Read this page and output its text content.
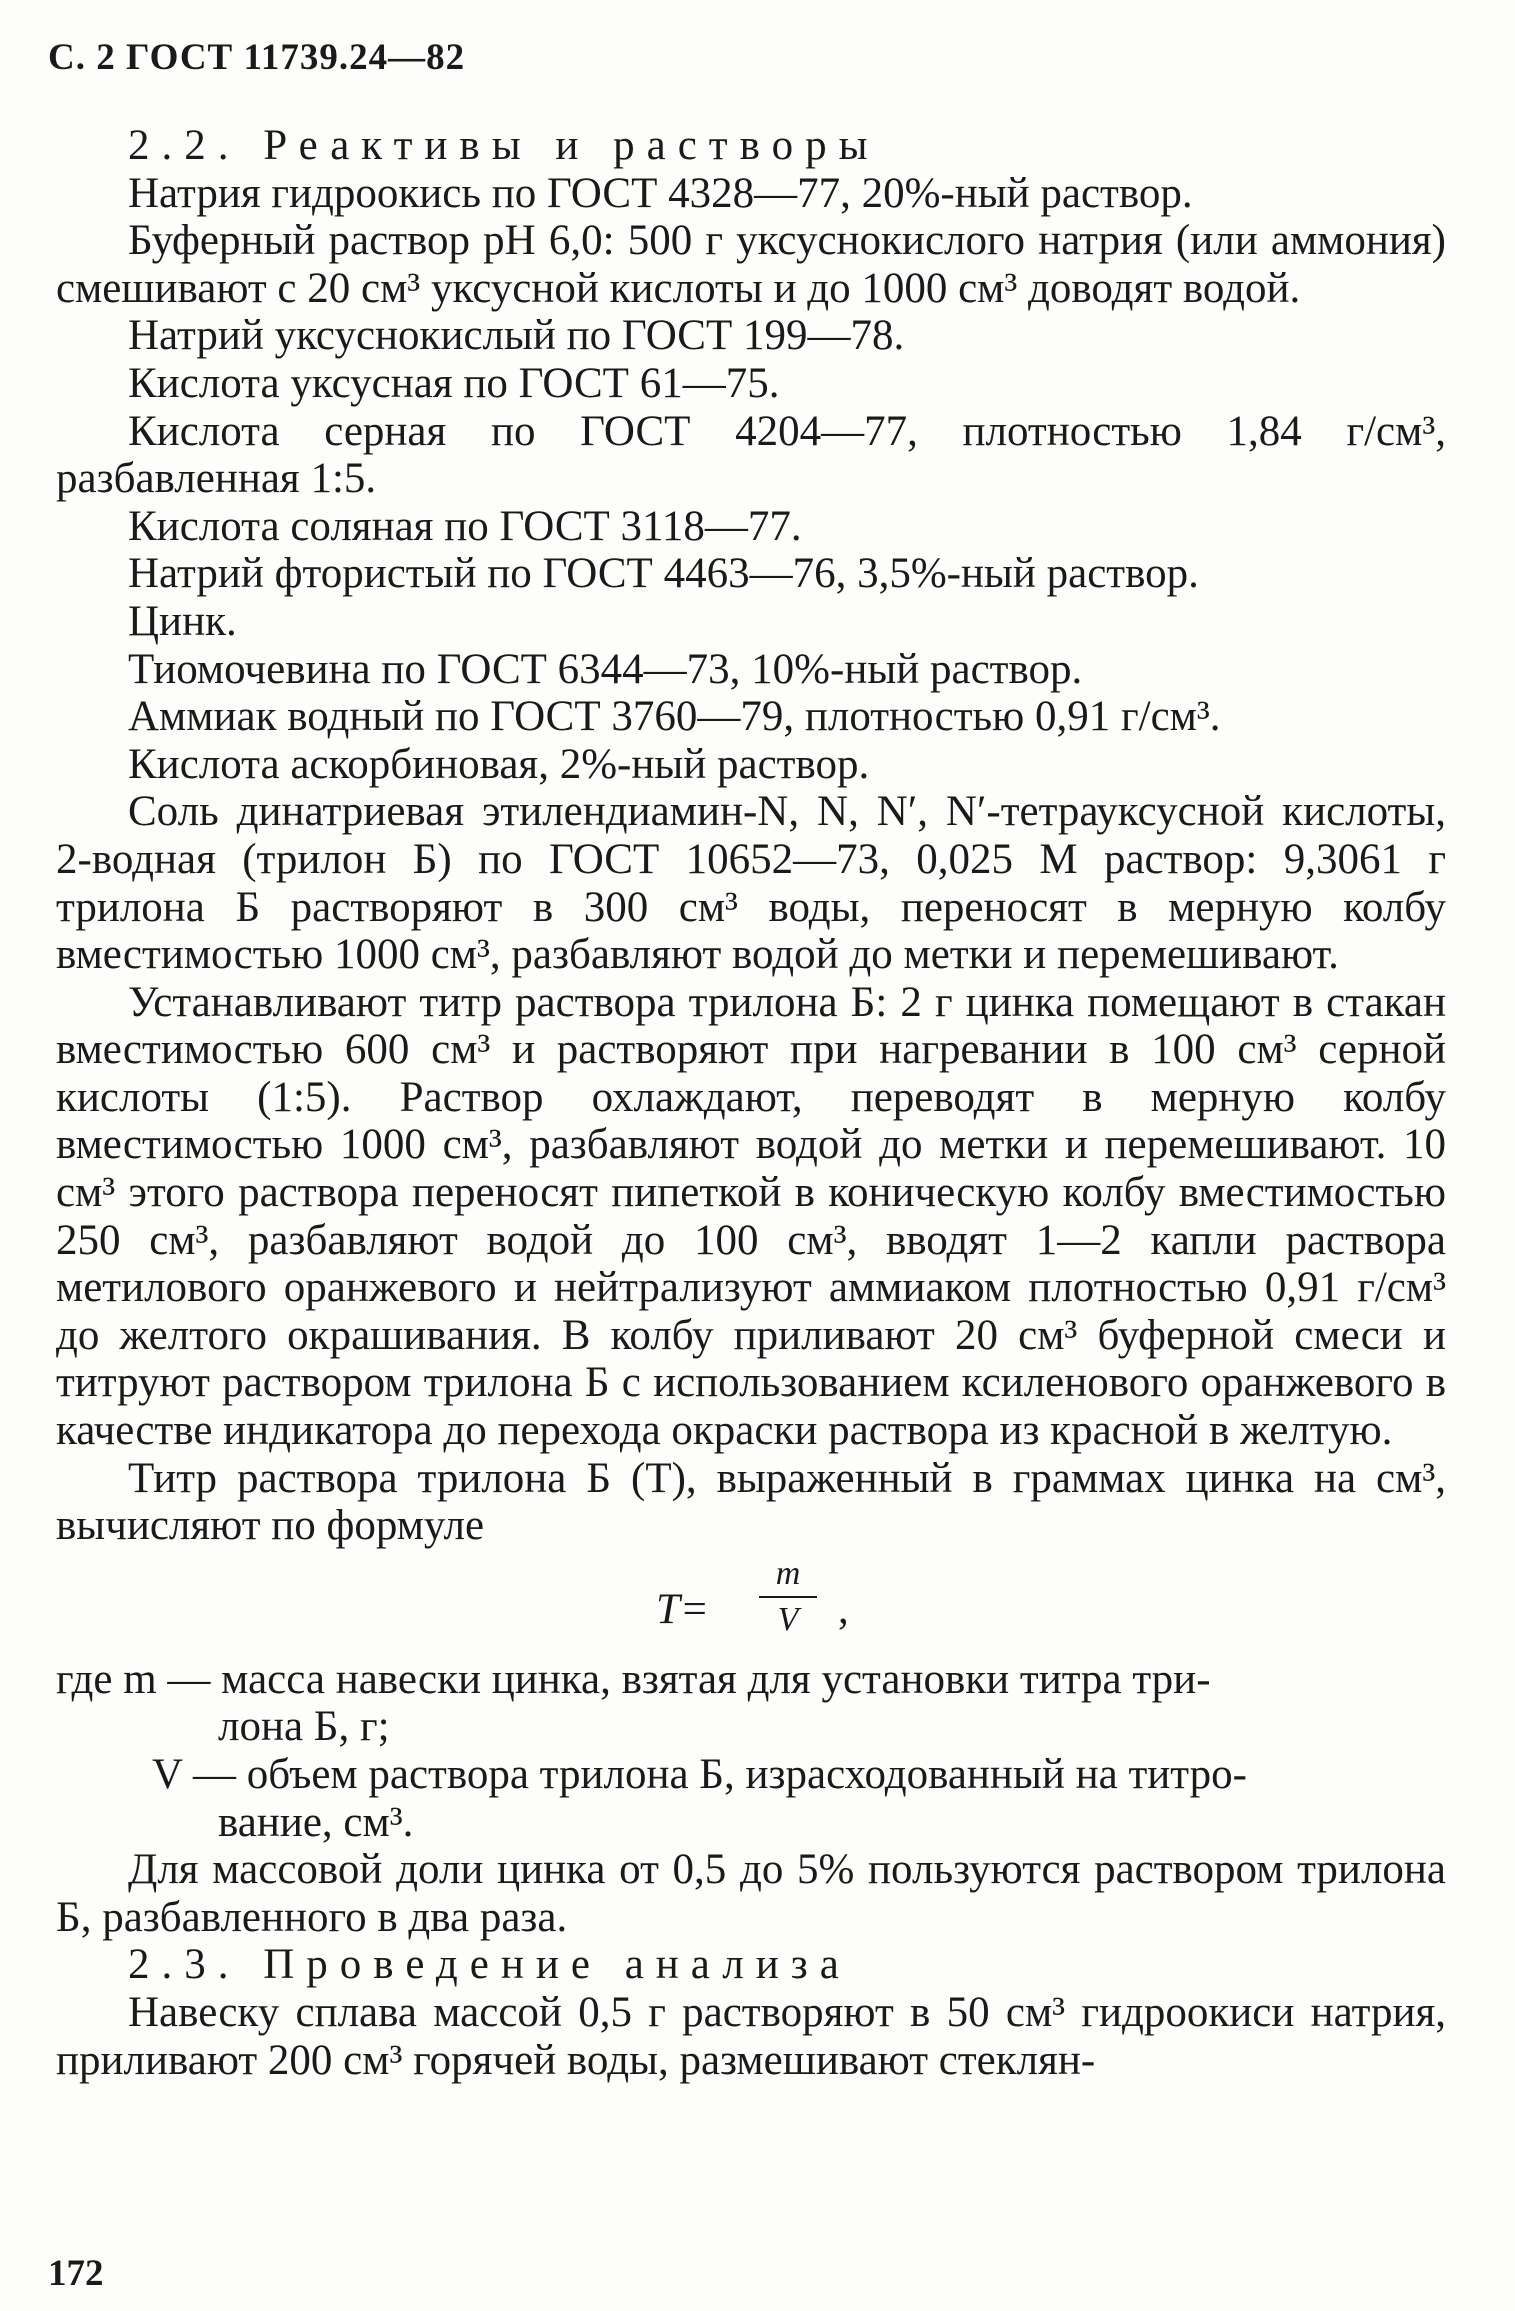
С. 2 ГОСТ 11739.24—82

2.2. Реактивы и растворы

Натрия гидроокись по ГОСТ 4328—77, 20%-ный раствор.

Буферный раствор рН 6,0: 500 г уксуснокислого натрия (или аммония) смешивают с 20 см³ уксусной кислоты и до 1000 см³ доводят водой.

Натрий уксуснокислый по ГОСТ 199—78.

Кислота уксусная по ГОСТ 61—75.

Кислота серная по ГОСТ 4204—77, плотностью 1,84 г/см³, разбавленная 1:5.

Кислота соляная по ГОСТ 3118—77.

Натрий фтористый по ГОСТ 4463—76, 3,5%-ный раствор.

Цинк.

Тиомочевина по ГОСТ 6344—73, 10%-ный раствор.

Аммиак водный по ГОСТ 3760—79, плотностью 0,91 г/см³.

Кислота аскорбиновая, 2%-ный раствор.

Соль динатриевая этилендиамин-N, N, N′, N′-тетрауксусной кислоты, 2-водная (трилон Б) по ГОСТ 10652—73, 0,025 М раствор: 9,3061 г трилона Б растворяют в 300 см³ воды, переносят в мерную колбу вместимостью 1000 см³, разбавляют водой до метки и перемешивают.

Устанавливают титр раствора трилона Б: 2 г цинка помещают в стакан вместимостью 600 см³ и растворяют при нагревании в 100 см³ серной кислоты (1:5). Раствор охлаждают, переводят в мерную колбу вместимостью 1000 см³, разбавляют водой до метки и перемешивают. 10 см³ этого раствора переносят пипеткой в коническую колбу вместимостью 250 см³, разбавляют водой до 100 см³, вводят 1—2 капли раствора метилового оранжевого и нейтрализуют аммиаком плотностью 0,91 г/см³ до желтого окрашивания. В колбу приливают 20 см³ буферной смеси и титруют раствором трилона Б с использованием ксиленового оранжевого в качестве индикатора до перехода окраски раствора из красной в желтую.

Титр раствора трилона Б (T), выраженный в граммах цинка на см³, вычисляют по формуле

T=
m
V ,

где m — масса навески цинка, взятая для установки титра три-

лона Б, г;

V — объем раствора трилона Б, израсходованный на титро-

вание, см³.

Для массовой доли цинка от 0,5 до 5% пользуются раствором трилона Б, разбавленного в два раза.

2.3. Проведение анализа

Навеску сплава массой 0,5 г растворяют в 50 см³ гидроокиси натрия, приливают 200 см³ горячей воды, размешивают стеклян-

172
